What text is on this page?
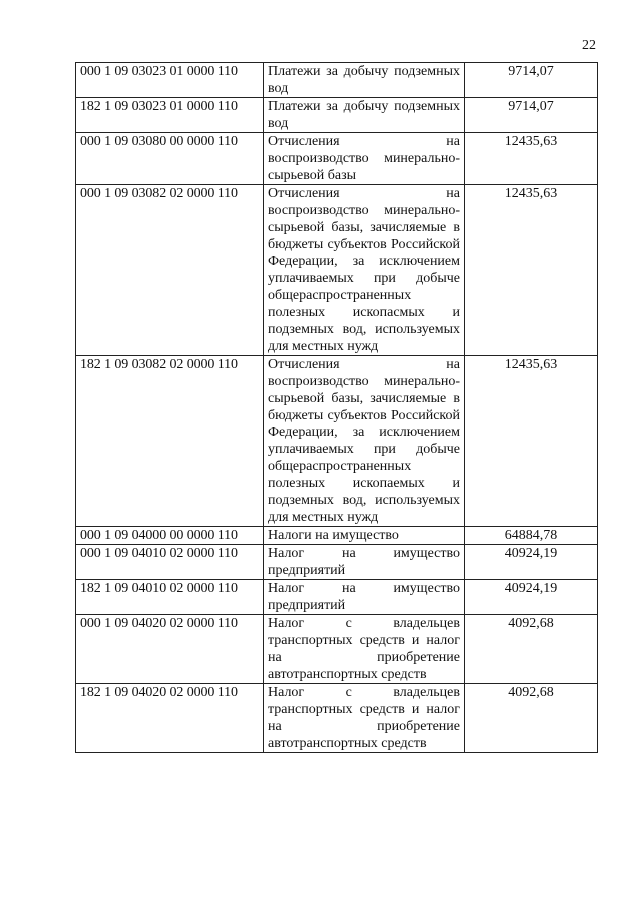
22
000 1 09 03023 01 0000 110	Платежи за добычу подземных вод	9714,07
182 1 09 03023 01 0000 110	Платежи за добычу подземных вод	9714,07
000 1 09 03080 00 0000 110	Отчисления на воспроизводство минерально-сырьевой базы	12435,63
000 1 09 03082 02 0000 110	Отчисления на воспроизводство минерально-сырьевой базы, зачисляемые в бюджеты субъектов Российской Федерации, за исключением уплачиваемых при добыче общераспространенных полезных ископасмых и подземных вод, используемых для местных нужд	12435,63
182 1 09 03082 02 0000 110	Отчисления на воспроизводство минерально-сырьевой базы, зачисляемые в бюджеты субъектов Российской Федерации, за исключением уплачиваемых при добыче общераспространенных полезных ископаемых и подземных вод, используемых для местных нужд	12435,63
000 1 09 04000 00 0000 110	Налоги на имущество	64884,78
000 1 09 04010 02 0000 110	Налог на имущество предприятий	40924,19
182 1 09 04010 02 0000 110	Налог на имущество предприятий	40924,19
000 1 09 04020 02 0000 110	Налог с владельцев транспортных средств и налог на приобретение автотранспортных средств	4092,68
182 1 09 04020 02 0000 110	Налог с владельцев транспортных средств и налог на приобретение автотранспортных средств	4092,68
